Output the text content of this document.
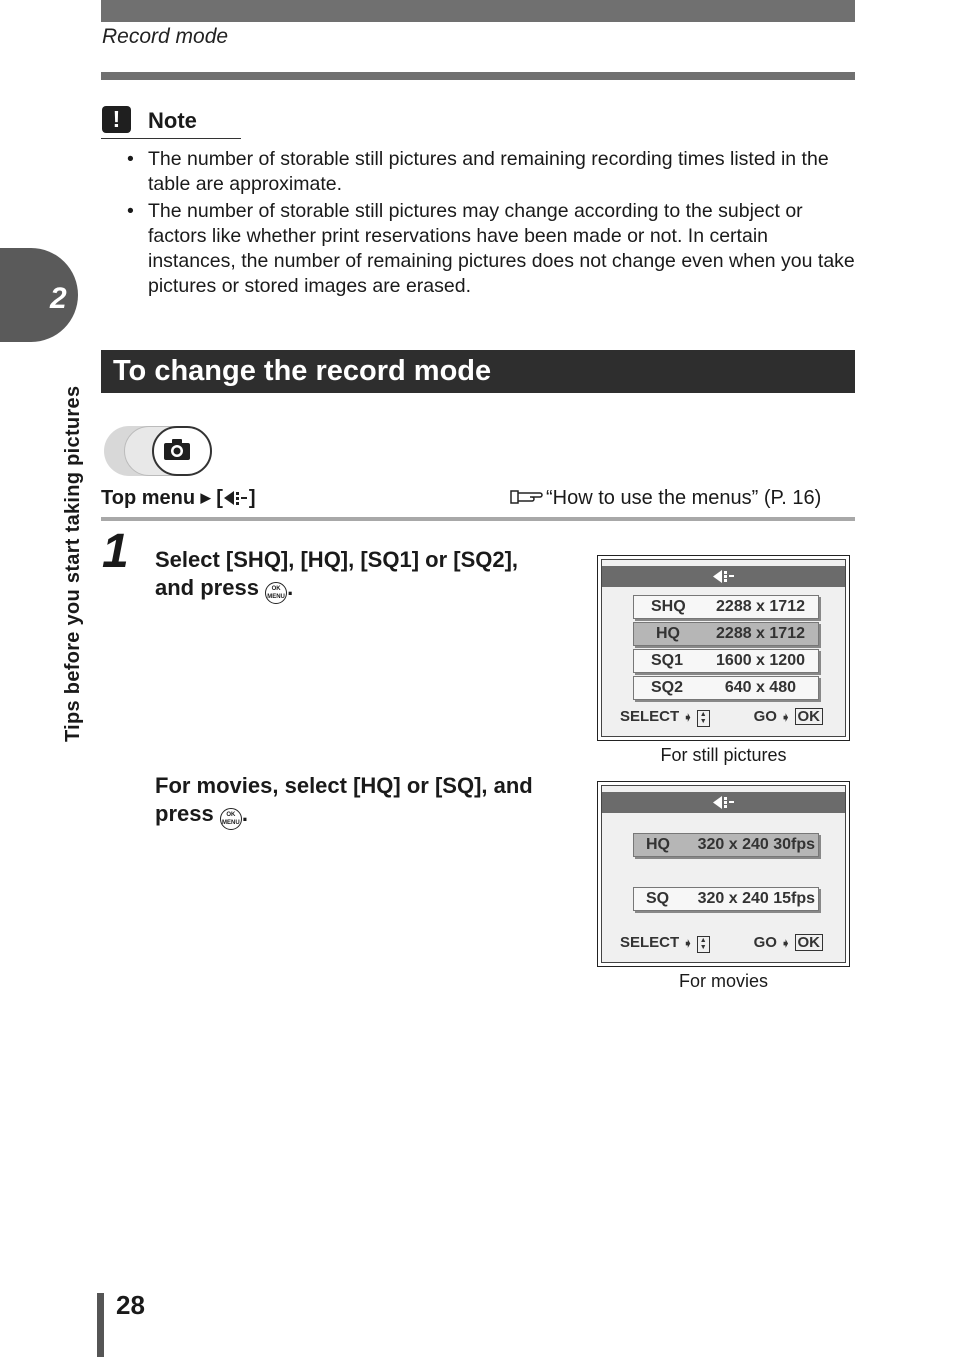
Record mode
2
Tips before you start taking pictures
!	Note
• The number of storable still pictures and remaining recording times listed in the table are approximate.
• The number of storable still pictures may change according to the subject or factors like whether print reservations have been made or not. In certain instances, the number of remaining pictures does not change even when you take pictures or stored images are erased.
To change the record mode
Top menu ▶ [ ]	“How to use the menus” (P. 16)
1 Select [SHQ], [HQ], [SQ1] or [SQ2], and press OK
MENU.
For movies, select [HQ] or [SQ], and press OK
MENU.
SHQ 2288 x 1712
HQ 2288 x 1712
SQ1 1600 x 1200
SQ2	640 x 480
SELECT ➧ ▲
▼	GO ➧ OK
For still pictures
HQ 320 x 240 30fps
SQ 320 x 240 15fps
SELECT ➧ ▲
▼	GO ➧ OK
For movies
28
